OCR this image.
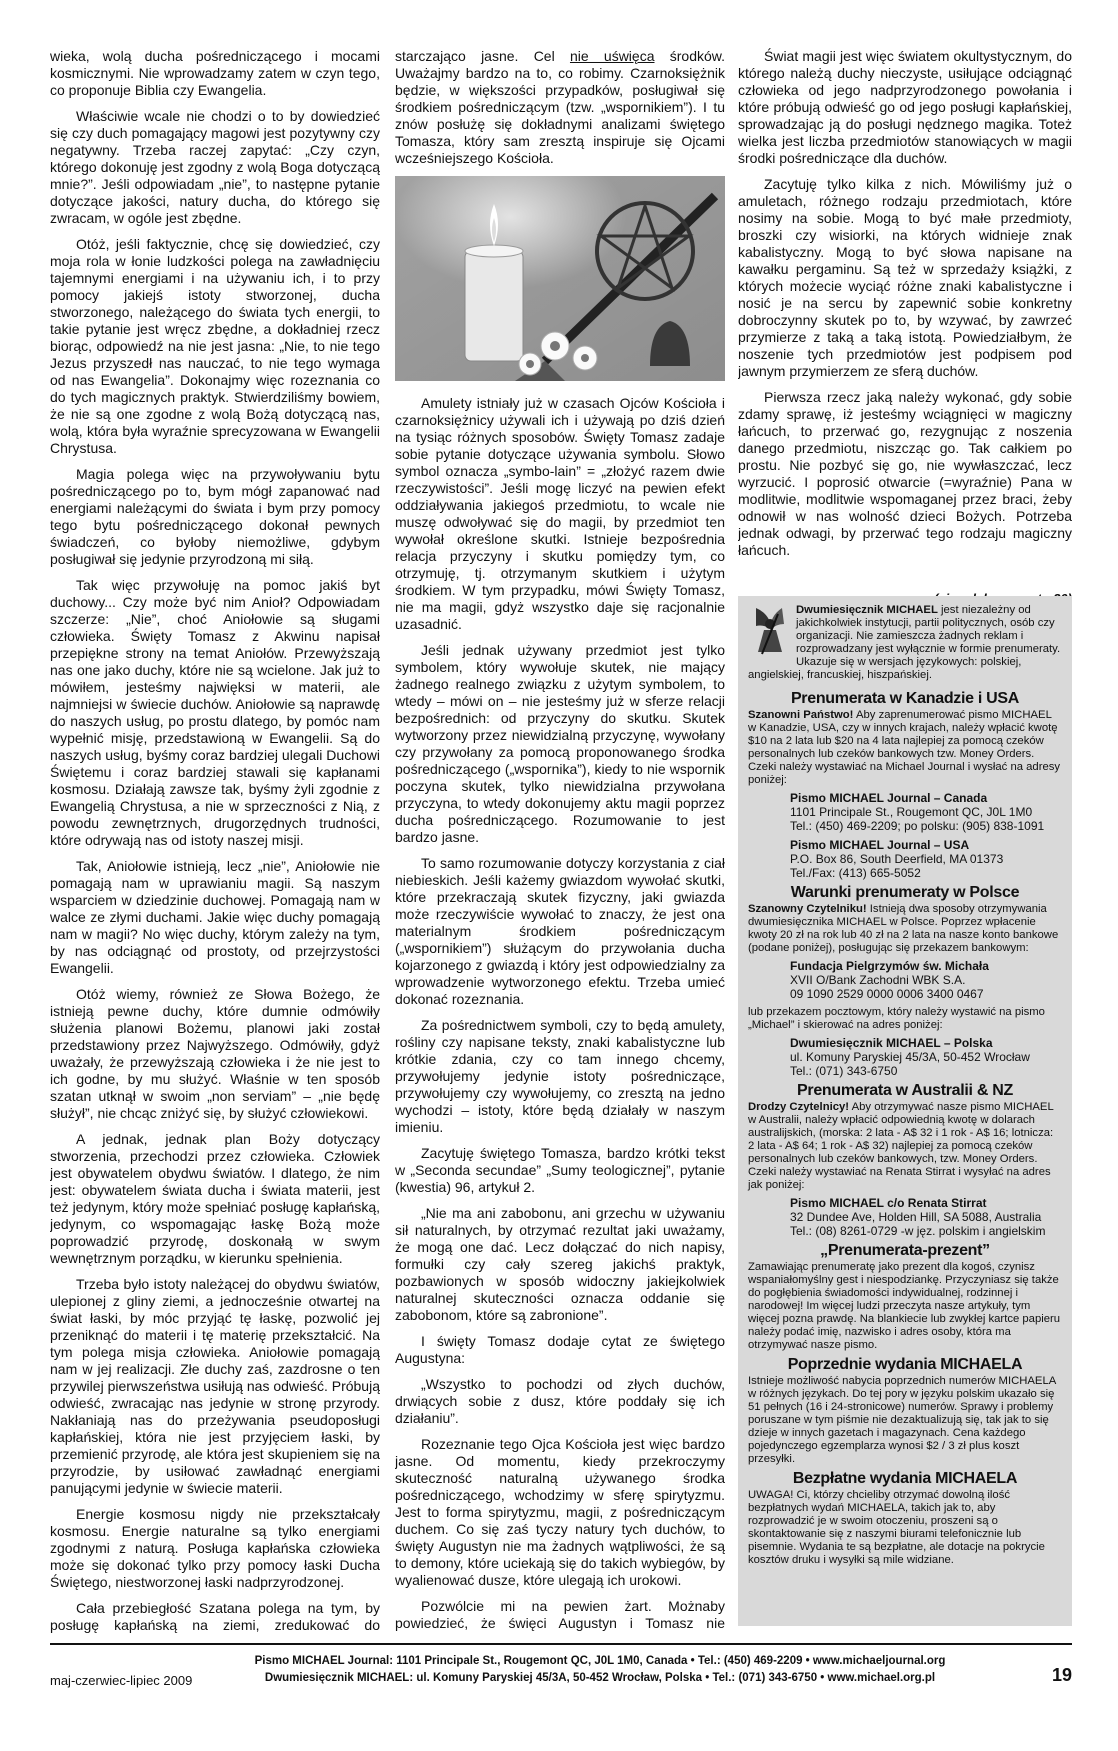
wieka, wolą ducha pośredniczącego i mocami kosmicznymi. Nie wprowadzamy zatem w czyn tego, co proponuje Biblia czy Ewangelia.

Właściwie wcale nie chodzi o to by dowiedzieć się czy duch pomagający magowi jest pozytywny czy negatywny. Trzeba raczej zapytać: „Czy czyn, którego dokonuję jest zgodny z wolą Boga dotyczącą mnie?”. Jeśli odpowiadam „nie”, to następne pytanie dotyczące jakości, natury ducha, do którego się zwracam, w ogóle jest zbędne.

Otóż, jeśli faktycznie, chcę się dowiedzieć, czy moja rola w łonie ludzkości polega na zawładnięciu tajemnymi energiami i na używaniu ich, i to przy pomocy jakiejś istoty stworzonej, ducha stworzonego, należącego do świata tych energii, to takie pytanie jest wręcz zbędne, a dokładniej rzecz biorąc, odpowiedź na nie jest jasna: „Nie, to nie tego Jezus przyszedł nas nauczać, to nie tego wymaga od nas Ewangelia”. Dokonajmy więc rozeznania co do tych magicznych praktyk. Stwierdziliśmy bowiem, że nie są one zgodne z wolą Bożą dotyczącą nas, wolą, która była wyraźnie sprecyzowana w Ewangelii Chrystusa.

Magia polega więc na przywoływaniu bytu pośredniczącego po to, bym mógł zapanować nad energiami należącymi do świata i bym przy pomocy tego bytu pośredniczącego dokonał pewnych świadczeń, co byłoby niemożliwe, gdybym posługiwał się jedynie przyrodzoną mi siłą.

Tak więc przywołuję na pomoc jakiś byt duchowy... Czy może być nim Anioł? Odpowiadam szczerze: „Nie”, choć Aniołowie są sługami człowieka. Święty Tomasz z Akwinu napisał przepiękne strony na temat Aniołów. Przewyższają nas one jako duchy, które nie są wcielone. Jak już to mówiłem, jesteśmy najwięksi w materii, ale najmniejsi w świecie duchów. Aniołowie są naprawdę do naszych usług, po prostu dlatego, by pomóc nam wypełnić misję, przedstawioną w Ewangelii. Są do naszych usług, byśmy coraz bardziej ulegali Duchowi Świętemu i coraz bardziej stawali się kapłanami kosmosu. Działają zawsze tak, byśmy żyli zgodnie z Ewangelią Chrystusa, a nie w sprzeczności z Nią, z powodu zewnętrznych, drugorzędnych trudności, które odrywają nas od istoty naszej misji.

Tak, Aniołowie istnieją, lecz „nie”, Aniołowie nie pomagają nam w uprawianiu magii. Są naszym wsparciem w dziedzinie duchowej. Pomagają nam w walce ze złymi duchami. Jakie więc duchy pomagają nam w magii? No więc duchy, którym zależy na tym, by nas odciągnąć od prostoty, od przejrzystości Ewangelii.

Otóż wiemy, również ze Słowa Bożego, że istnieją pewne duchy, które dumnie odmówiły służenia planowi Bożemu, planowi jaki został przedstawiony przez Najwyższego. Odmówiły, gdyż uważały, że przewyższają człowieka i że nie jest to ich godne, by mu służyć. Właśnie w ten sposób szatan utknął w swoim „non serviam” – „nie będę służył”, nie chcąc zniżyć się, by służyć człowiekowi.

A jednak, jednak plan Boży dotyczący stworzenia, przechodzi przez człowieka. Człowiek jest obywatelem obydwu światów. I dlatego, że nim jest: obywatelem świata ducha i świata materii, jest też jedynym, który może spełniać posługę kapłańską, jedynym, co wspomagając łaskę Bożą może poprowadzić przyrodę, doskonałą w swym wewnętrznym porządku, w kierunku spełnienia.

Trzeba było istoty należącej do obydwu światów, ulepionej z gliny ziemi, a jednocześnie otwartej na świat łaski, by móc przyjąć tę łaskę, pozwolić jej przeniknąć do materii i tę materię przekształcić. Na tym polega misja człowieka. Aniołowie pomagają nam w jej realizacji. Złe duchy zaś, zazdrosne o ten przywilej pierwszeństwa usiłują nas odwieść. Próbują odwieść, zwracając nas jedynie w stronę przyrody. Nakłaniają nas do przeżywania pseudoposługi kapłańskiej, która nie jest przyjęciem łaski, by przemienić przyrodę, ale która jest skupieniem się na przyrodzie, by usiłować zawładnąć energiami panującymi jedynie w świecie materii.

Energie kosmosu nigdy nie przekształcały kosmosu. Energie naturalne są tylko energiami zgodnymi z naturą. Posługa kapłańska człowieka może się dokonać tylko przy pomocy łaski Ducha Świętego, niestworzonej łaski nadprzyrodzonej.

Cała przebiegłość Szatana polega na tym, by posługę kapłańską na ziemi, zredukować do

starczająco jasne. Cel nie uświęca środków. Uważajmy bardzo na to, co robimy. Czarnoksiężnik będzie, w większości przypadków, posługiwał się środkiem pośredniczącym (tzw. „wspornikiem”). I tu znów posłużę się dokładnymi analizami świętego Tomasza, który sam zresztą inspiruje się Ojcami wcześniejszego Kościoła.

Amulety istniały już w czasach Ojców Kościoła i czarnoksiężnicy używali ich i używają po dziś dzień na tysiąc różnych sposobów. Święty Tomasz zadaje sobie pytanie dotyczące używania symbolu. Słowo symbol oznacza „symbo-lain” = „złożyć razem dwie rzeczywistości”. Jeśli mogę liczyć na pewien efekt oddziaływania jakiegoś przedmiotu, to wcale nie muszę odwoływać się do magii, by przedmiot ten wywołał określone skutki. Istnieje bezpośrednia relacja przyczyny i skutku pomiędzy tym, co otrzymuję, tj. otrzymanym skutkiem i użytym środkiem. W tym przypadku, mówi Święty Tomasz, nie ma magii, gdyż wszystko daje się racjonalnie uzasadnić.

Jeśli jednak używany przedmiot jest tylko symbolem, który wywołuje skutek, nie mający żadnego realnego związku z użytym symbolem, to wtedy – mówi on – nie jesteśmy już w sferze relacji bezpośrednich: od przyczyny do skutku. Skutek wytworzony przez niewidzialną przyczynę, wywołany czy przywołany za pomocą proponowanego środka pośredniczącego („wspornika”), kiedy to nie wspornik poczyna skutek, tylko niewidzialna przywołana przyczyna, to wtedy dokonujemy aktu magii poprzez ducha pośredniczącego. Rozumowanie to jest bardzo jasne.

To samo rozumowanie dotyczy korzystania z ciał niebieskich. Jeśli każemy gwiazdom wywołać skutki, które przekraczają skutek fizyczny, jaki gwiazda może rzeczywiście wywołać to znaczy, że jest ona materialnym środkiem pośredniczącym („wspornikiem”) służącym do przywołania ducha kojarzonego z gwiazdą i który jest odpowiedzialny za wprowadzenie wytworzonego efektu. Trzeba umieć dokonać rozeznania.

Za pośrednictwem symboli, czy to będą amulety, rośliny czy napisane teksty, znaki kabalistyczne lub krótkie zdania, czy co tam innego chcemy, przywołujemy jedynie istoty pośredniczące, przywołujemy czy wywołujemy, co zresztą na jedno wychodzi – istoty, które będą działały w naszym imieniu.

Zacytuję świętego Tomasza, bardzo krótki tekst w „Seconda secundae” „Sumy teologicznej”, pytanie (kwestia) 96, artykuł 2.

„Nie ma ani zabobonu, ani grzechu w używaniu sił naturalnych, by otrzymać rezultat jaki uważamy, że mogą one dać. Lecz dołączać do nich napisy, formułki czy cały szereg jakichś praktyk, pozbawionych w sposób widoczny jakiejkolwiek naturalnej skuteczności oznacza oddanie się zabobonom, które są zabronione”.

I święty Tomasz dodaje cytat ze świętego Augustyna:

„Wszystko to pochodzi od złych duchów, drwiących sobie z dusz, które poddały się ich działaniu”.

Rozeznanie tego Ojca Kościoła jest więc bardzo jasne. Od momentu, kiedy przekroczymy skuteczność naturalną używanego środka pośredniczącego, wchodzimy w sferę spirytyzmu. Jest to forma spirytyzmu, magii, z pośredniczącym duchem. Co się zaś tyczy natury tych duchów, to święty Augustyn nie ma żadnych wątpliwości, że są to demony, które uciekają się do takich wybiegów, by wyalienować dusze, które ulegają ich urokowi.

Pozwólcie mi na pewien żart. Możnaby powiedzieć, że święci Augustyn i Tomasz nie

Świat magii jest więc światem okultystycznym, do którego należą duchy nieczyste, usiłujące odciągnąć człowieka od jego nadprzyrodzonego powołania i które próbują odwieść go od jego posługi kapłańskiej, sprowadzając ją do posługi nędznego magika. Toteż wielka jest liczba przedmiotów stanowiących w magii środki pośredniczące dla duchów.

Zacytuję tylko kilka z nich. Mówiliśmy już o amuletach, różnego rodzaju przedmiotach, które nosimy na sobie. Mogą to być małe przedmioty, broszki czy wisiorki, na których widnieje znak kabalistyczny. Mogą to być słowa napisane na kawałku pergaminu. Są też w sprzedaży książki, z których możecie wyciąć różne znaki kabalistyczne i nosić je na sercu by zapewnić sobie konkretny dobroczynny skutek po to, by wzywać, by zawrzeć przymierze z taką a taką istotą. Powiedziałbym, że noszenie tych przedmiotów jest podpisem pod jawnym przymierzem ze sferą duchów.

Pierwsza rzecz jaką należy wykonać, gdy sobie zdamy sprawę, iż jesteśmy wciągnięci w magiczny łańcuch, to przerwać go, rezygnując z noszenia danego przedmiotu, niszcząc go. Tak całkiem po prostu. Nie pozbyć się go, nie wywłaszczać, lecz wyrzucić. I poprosić otwarcie (=wyraźnie) Pana w modlitwie, modlitwie wspomaganej przez braci, żeby odnowił w nas wolność dzieci Bożych. Potrzeba jednak odwagi, by przerwać tego rodzaju magiczny łańcuch.

Dwumiesięcznik MICHAEL jest niezależny od jakichkolwiek instytucji, partii politycznych, osób czy organizacji. Nie zamieszcza żadnych reklam i rozprowadzany jest wyłącznie w formie prenumeraty. Ukazuje się w wersjach językowych: polskiej, angielskiej, francuskiej, hiszpańskiej.

Prenumerata w Kanadzie i USA

Szanowni Państwo! Aby zaprenumerować pismo MICHAEL w Kanadzie, USA, czy w innych krajach, należy wpłacić kwotę $10 na 2 lata lub $20 na 4 lata najlepiej za pomocą czeków personalnych lub czeków bankowych tzw. Money Orders. Czeki należy wystawiać na Michael Journal i wysłać na adresy poniżej:

Pismo MICHAEL Journal – Canada
1101 Principale St., Rougemont QC, J0L 1M0
Tel.: (450) 469-2209; po polsku: (905) 838-1091
Pismo MICHAEL Journal – USA
P.O. Box 86, South Deerfield, MA 01373
Tel./Fax: (413) 665-5052
Warunki prenumeraty w Polsce

Szanowny Czytelniku! Istnieją dwa sposoby otrzymywania dwumiesięcznika MICHAEL w Polsce. Poprzez wpłacenie kwoty 20 zł na rok lub 40 zł na 2 lata na nasze konto bankowe (podane poniżej), posługując się przekazem bankowym:

Fundacja Pielgrzymów św. Michała
XVII O/Bank Zachodni WBK S.A.
09 1090 2529 0000 0006 3400 0467

lub przekazem pocztowym, który należy wystawić na pismo „Michael” i skierować na adres poniżej:

Dwumiesięcznik MICHAEL – Polska
ul. Komuny Paryskiej 45/3A, 50-452 Wrocław
Tel.: (071) 343-6750
Prenumerata w Australii & NZ

Drodzy Czytelnicy! Aby otrzymywać nasze pismo MICHAEL w Australii, należy wpłacić odpowiednią kwotę w dolarach australijskich, (morska: 2 lata - A$ 32 i 1 rok - A$ 16; lotnicza: 2 lata - A$ 64; 1 rok - A$ 32) najlepiej za pomocą czeków personalnych lub czeków bankowych, tzw. Money Orders. Czeki należy wystawiać na Renata Stirrat i wysyłać na adres jak poniżej:

Pismo MICHAEL c/o Renata Stirrat
32 Dundee Ave, Holden Hill, SA 5088, Australia
Tel.: (08) 8261-0729 -w jęz. polskim i angielskim
„Prenumerata-prezent”

Zamawiając prenumeratę jako prezent dla kogoś, czynisz wspaniałomyślny gest i niespodziankę. Przyczyniasz się także do pogłębienia świadomości indywidualnej, rodzinnej i narodowej! Im więcej ludzi przeczyta nasze artykuły, tym więcej pozna prawdę. Na blankiecie lub zwykłej kartce papieru należy podać imię, nazwisko i adres osoby, która ma otrzymywać nasze pismo.

Poprzednie wydania MICHAELA

Istnieje możliwość nabycia poprzednich numerów MICHAELA w różnych językach. Do tej pory w języku polskim ukazało się 51 pełnych (16 i 24-stronicowe) numerów. Sprawy i problemy poruszane w tym piśmie nie dezaktualizują się, tak jak to się dzieje w innych gazetach i magazynach. Cena każdego pojedynczego egzemplarza wynosi $2 / 3 zł plus koszt przesyłki.

Bezpłatne wydania MICHAELA

UWAGA! Ci, którzy chcieliby otrzymać dowolną ilość bezpłatnych wydań MICHAELA, takich jak to, aby rozprowadzić je w swoim otoczeniu, proszeni są o skontaktowanie się z naszymi biurami telefonicznie lub pisemnie. Wydania te są bezpłatne, ale dotacje na pokrycie kosztów druku i wysyłki są mile widziane.

maj-czerwiec-lipiec 2009
Pismo MICHAEL Journal: 1101 Principale St., Rougemont QC, J0L 1M0, Canada • Tel.: (450) 469-2209 • www.michaeljournal.org
Dwumiesięcznik MICHAEL: ul. Komuny Paryskiej 45/3A, 50-452 Wrocław, Polska • Tel.: (071) 343-6750 • www.michael.org.pl	19
